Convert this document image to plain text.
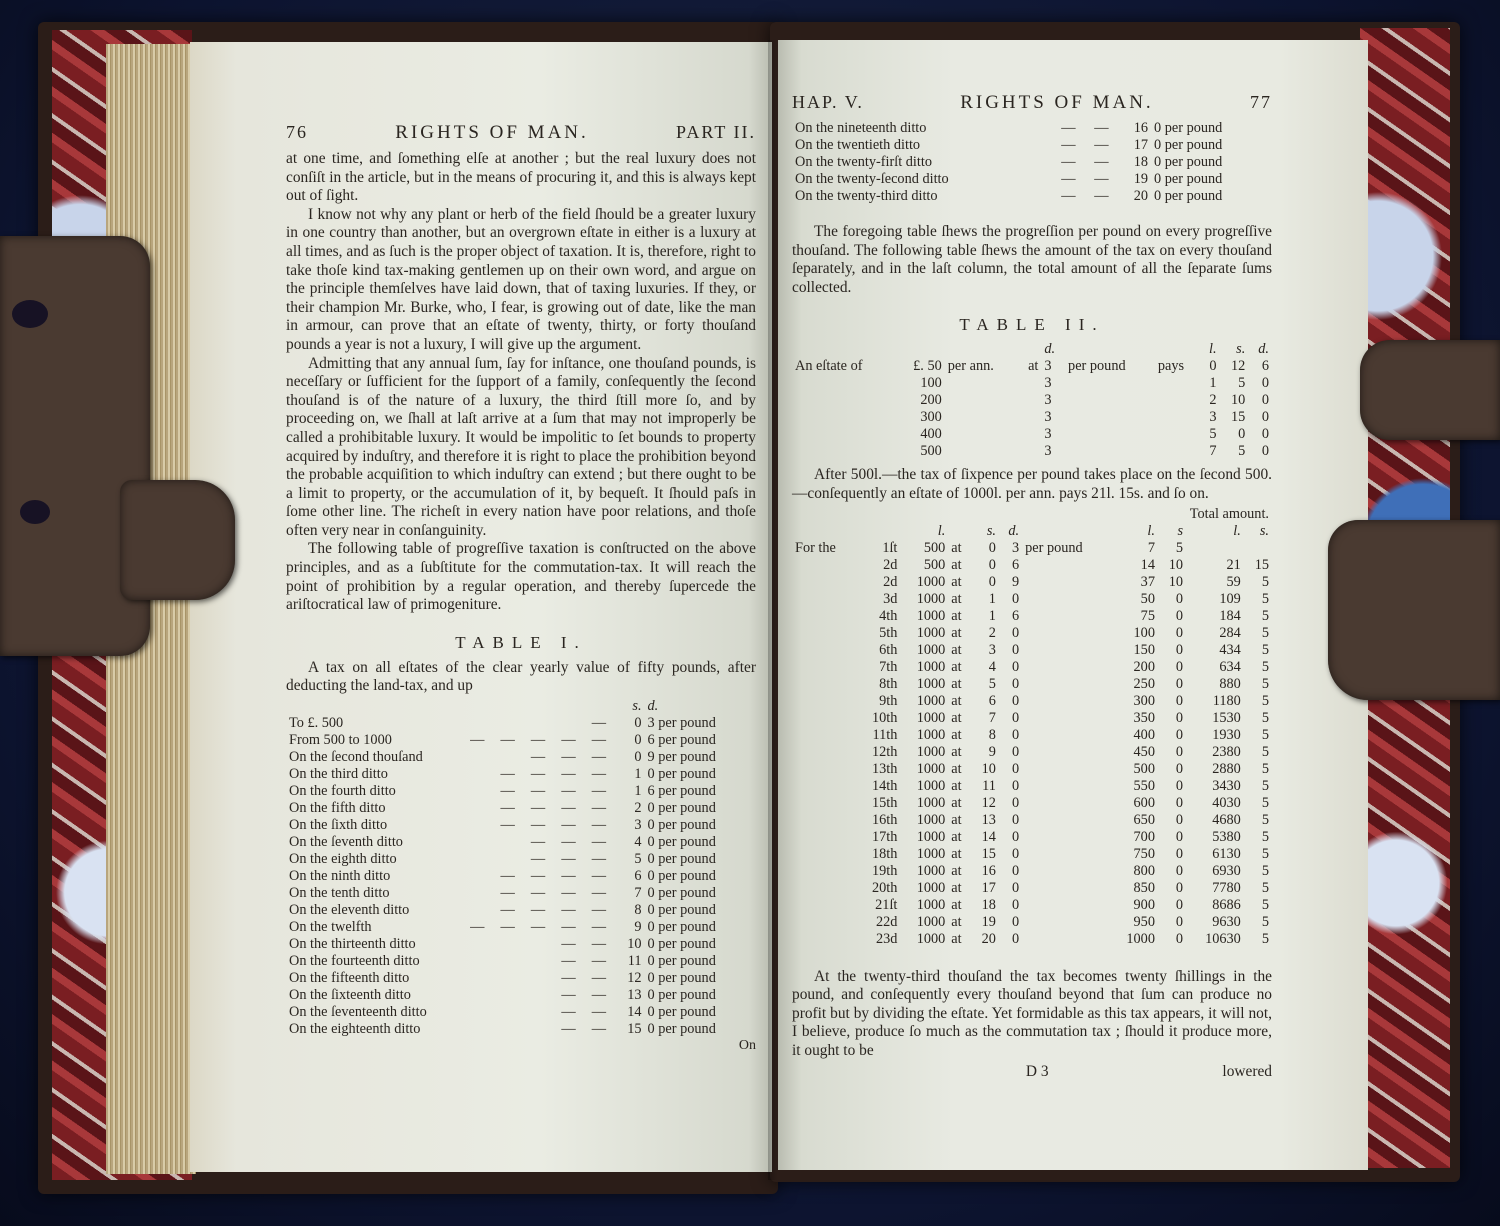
76	RIGHTS OF MAN.	PART II.

at one time, and ſomething elſe at another ; but the real luxury does not conſiſt in the article, but in the means of procuring it, and this is always kept out of ſight.

I know not why any plant or herb of the field ſhould be a greater luxury in one country than another, but an overgrown eſtate in either is a luxury at all times, and as ſuch is the proper object of taxation. It is, therefore, right to take thoſe kind tax-making gentlemen up on their own word, and argue on the principle themſelves have laid down, that of taxing luxuries. If they, or their champion Mr. Burke, who, I fear, is growing out of date, like the man in armour, can prove that an eſtate of twenty, thirty, or forty thouſand pounds a year is not a luxury, I will give up the argument.

Admitting that any annual ſum, ſay for inſtance, one thouſand pounds, is neceſſary or ſufficient for the ſupport of a family, conſequently the ſecond thouſand is of the nature of a luxury, the third ſtill more ſo, and by proceeding on, we ſhall at laſt arrive at a ſum that may not improperly be called a prohibitable luxury. It would be impolitic to ſet bounds to property acquired by induſtry, and therefore it is right to place the prohibition beyond the probable acquiſition to which induſtry can extend ; but there ought to be a limit to property, or the accumulation of it, by bequeſt. It ſhould paſs in ſome other line. The richeſt in every nation have poor relations, and thoſe often very near in conſanguinity.

The following table of progreſſive taxation is conſtructed on the above principles, and as a ſubſtitute for the commutation-tax. It will reach the point of prohibition by a regular operation, and thereby ſupercede the ariſtocratical law of primogeniture.

TABLE I.

A tax on all eſtates of the clear yearly value of fifty pounds, after deducting the land-tax, and up

						s.	d.
To £. 500					—	0	3 per pound
From 500 to 1000	—	—	—	—	—	0	6 per pound
On the ſecond thouſand			—	—	—	0	9 per pound
On the third ditto		—	—	—	—	1	0 per pound
On the fourth ditto		—	—	—	—	1	6 per pound
On the fifth ditto		—	—	—	—	2	0 per pound
On the ſixth ditto		—	—	—	—	3	0 per pound
On the ſeventh ditto			—	—	—	4	0 per pound
On the eighth ditto			—	—	—	5	0 per pound
On the ninth ditto		—	—	—	—	6	0 per pound
On the tenth ditto		—	—	—	—	7	0 per pound
On the eleventh ditto		—	—	—	—	8	0 per pound
On the twelfth	—	—	—	—	—	9	0 per pound
On the thirteenth ditto				—	—	10	0 per pound
On the fourteenth ditto				—	—	11	0 per pound
On the fifteenth ditto				—	—	12	0 per pound
On the ſixteenth ditto				—	—	13	0 per pound
On the ſeventeenth ditto				—	—	14	0 per pound
On the eighteenth ditto				—	—	15	0 per pound
On
HAP. V.	RIGHTS OF MAN.	77
On the nineteenth ditto	—	—	16	0 per pound
On the twentieth ditto	—	—	17	0 per pound
On the twenty-firſt ditto	—	—	18	0 per pound
On the twenty-ſecond ditto	—	—	19	0 per pound
On the twenty-third ditto	—	—	20	0 per pound

The foregoing table ſhews the progreſſion per pound on every progreſſive thouſand. The following table ſhews the amount of the tax on every thouſand ſeparately, and in the laſt column, the total amount of all the ſeparate ſums collected.

TABLE II.
				d.			l.	s.	d.
An eſtate of	£. 50	per ann.	at	3	per pound	pays	0	12	6
	100			3			1	5	0
	200			3			2	10	0
	300			3			3	15	0
	400			3			5	0	0
	500			3			7	5	0

After 500l.—the tax of ſixpence per pound takes place on the ſecond 500.—conſequently an eſtate of 1000l. per ann. pays 21l. 15s. and ſo on.

Total amount.										
		l.		s.	d.		l.	s	l.	s.
For the	1ſt	500	at	0	3	per pound	7	5		
	2d	500	at	0	6		14	10	21	15
	2d	1000	at	0	9		37	10	59	5
	3d	1000	at	1	0		50	0	109	5
	4th	1000	at	1	6		75	0	184	5
	5th	1000	at	2	0		100	0	284	5
	6th	1000	at	3	0		150	0	434	5
	7th	1000	at	4	0		200	0	634	5
	8th	1000	at	5	0		250	0	880	5
	9th	1000	at	6	0		300	0	1180	5
	10th	1000	at	7	0		350	0	1530	5
	11th	1000	at	8	0		400	0	1930	5
	12th	1000	at	9	0		450	0	2380	5
	13th	1000	at	10	0		500	0	2880	5
	14th	1000	at	11	0		550	0	3430	5
	15th	1000	at	12	0		600	0	4030	5
	16th	1000	at	13	0		650	0	4680	5
	17th	1000	at	14	0		700	0	5380	5
	18th	1000	at	15	0		750	0	6130	5
	19th	1000	at	16	0		800	0	6930	5
	20th	1000	at	17	0		850	0	7780	5
	21ſt	1000	at	18	0		900	0	8686	5
	22d	1000	at	19	0		950	0	9630	5
	23d	1000	at	20	0		1000	0	10630	5

At the twenty-third thouſand the tax becomes twenty ſhillings in the pound, and conſequently every thouſand beyond that ſum can produce no profit but by dividing the eſtate. Yet formidable as this tax appears, it will not, I believe, produce ſo much as the commutation tax ; ſhould it produce more, it ought to be

D 3	lowered
